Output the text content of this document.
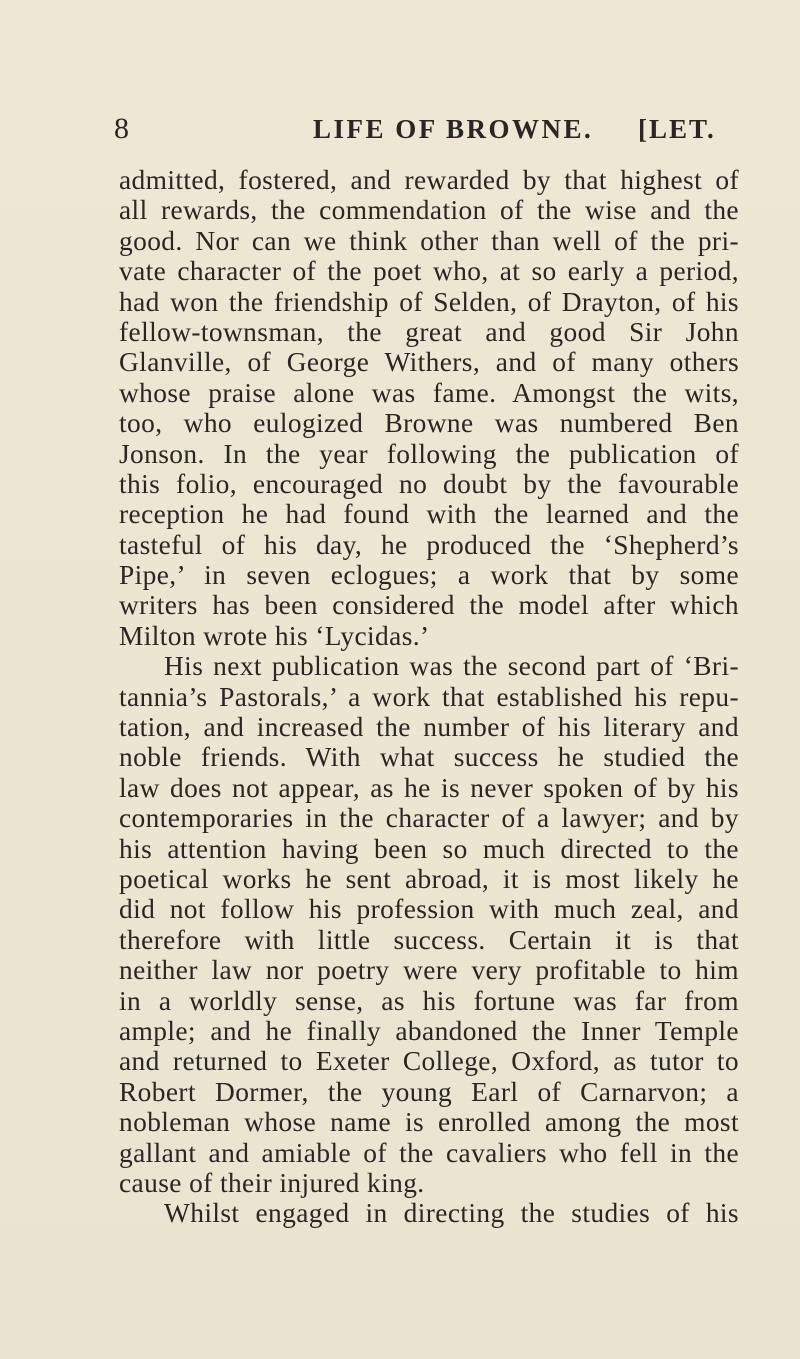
8	LIFE OF BROWNE. [LET.
admitted, fostered, and rewarded by that highest of
all rewards, the commendation of the wise and the
good. Nor can we think other than well of the pri-
vate character of the poet who, at so early a period,
had won the friendship of Selden, of Drayton, of his
fellow-townsman, the great and good Sir John
Glanville, of George Withers, and of many others
whose praise alone was fame. Amongst the wits,
too, who eulogized Browne was numbered Ben
Jonson. In the year following the publication of
this folio, encouraged no doubt by the favourable
reception he had found with the learned and the
tasteful of his day, he produced the ‘Shepherd’s
Pipe,’ in seven eclogues; a work that by some
writers has been considered the model after which
Milton wrote his ‘Lycidas.’
His next publication was the second part of ‘Bri-
tannia’s Pastorals,’ a work that established his repu-
tation, and increased the number of his literary and
noble friends. With what success he studied the
law does not appear, as he is never spoken of by his
contemporaries in the character of a lawyer; and by
his attention having been so much directed to the
poetical works he sent abroad, it is most likely he
did not follow his profession with much zeal, and
therefore with little success. Certain it is that
neither law nor poetry were very profitable to him
in a worldly sense, as his fortune was far from
ample; and he finally abandoned the Inner Temple
and returned to Exeter College, Oxford, as tutor to
Robert Dormer, the young Earl of Carnarvon; a
nobleman whose name is enrolled among the most
gallant and amiable of the cavaliers who fell in the
cause of their injured king.
Whilst engaged in directing the studies of his
